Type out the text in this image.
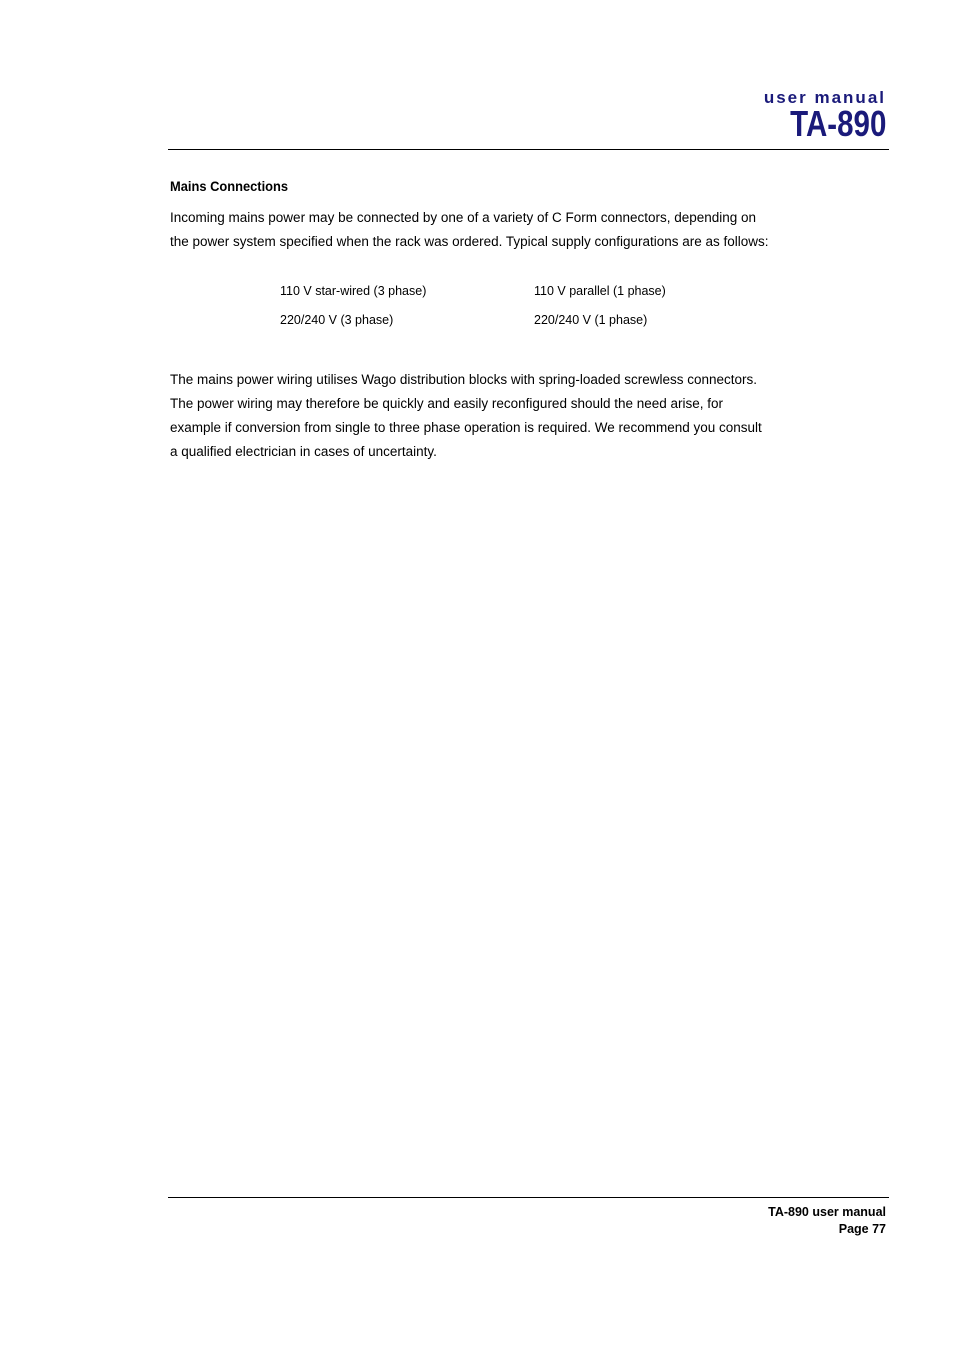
user manual
TA-890
Mains Connections

Incoming mains power may be connected by one of a variety of C Form connectors, depending on the power system specified when the rack was ordered. Typical supply configurations are as follows:

110 V star-wired (3 phase)	110 V parallel (1 phase)
220/240 V (3 phase)	220/240 V (1 phase)

The mains power wiring utilises Wago distribution blocks with spring-loaded screwless connectors. The power wiring may therefore be quickly and easily reconfigured should the need arise, for example if conversion from single to three phase operation is required. We recommend you consult a qualified electrician in cases of uncertainty.

TA-890 user manual
Page 77
